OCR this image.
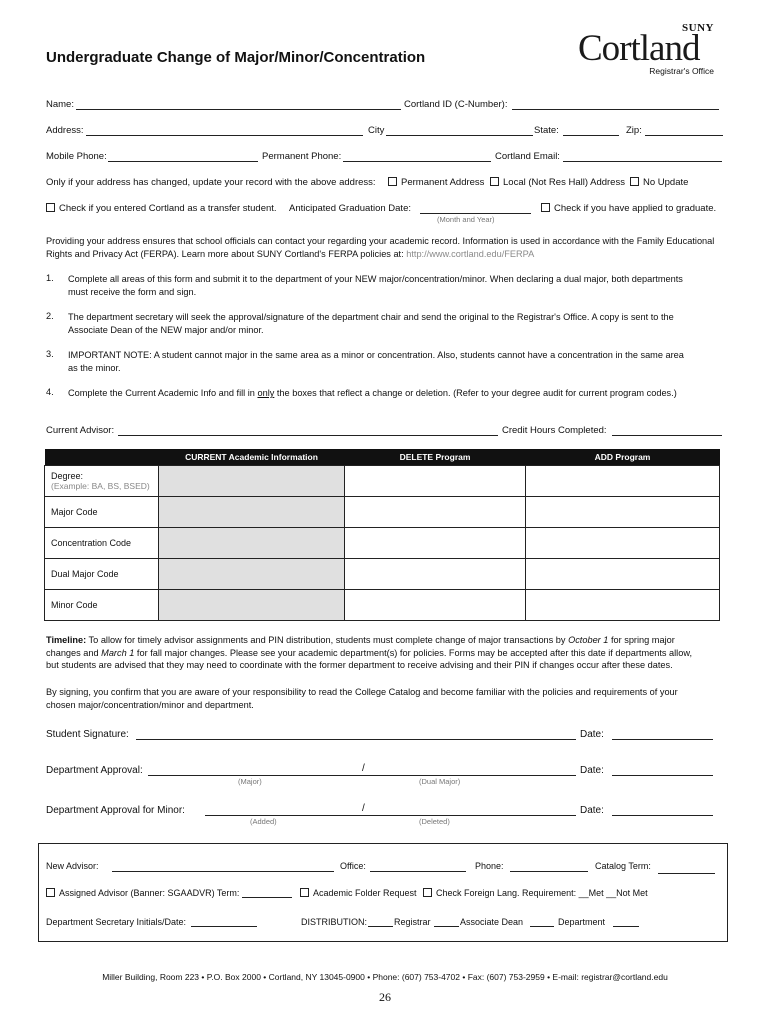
Undergraduate Change of Major/Minor/Concentration
SUNY
Cortland
Registrar's Office
Name:	Cortland ID (C-Number):
Address:	City	State:	Zip:
Mobile Phone:	Permanent Phone:	Cortland Email:
Only if your address has changed, update your record with the above address:	Permanent Address	Local (Not Res Hall) Address	No Update
Check if you entered Cortland as a transfer student. Anticipated Graduation Date:
(Month and Year)
Check if you have applied to graduate.
Providing your address ensures that school officials can contact your regarding your academic record. Information is used in accordance with the Family Educational Rights and Privacy Act (FERPA). Learn more about SUNY Cortland's FERPA policies at: http://www.cortland.edu/FERPA
1. Complete all areas of this form and submit it to the department of your NEW major/concentration/minor. When declaring a dual major, both departments
must receive the form and sign.
2. The department secretary will seek the approval/signature of the department chair and send the original to the Registrar's Office. A copy is sent to the
Associate Dean of the NEW major and/or minor.
3. IMPORTANT NOTE: A student cannot major in the same area as a minor or concentration. Also, students cannot have a concentration in the same area
as the minor.
4. Complete the Current Academic Info and fill in only the boxes that reflect a change or deletion. (Refer to your degree audit for current program codes.)
Current Advisor:	Credit Hours Completed:
	CURRENT Academic Information	DELETE Program	ADD Program
Degree:
(Example: BA, BS, BSED)			

Major Code			
Concentration Code			
Dual Major Code			
Minor Code			
Timeline: To allow for timely advisor assignments and PIN distribution, students must complete change of major transactions by October 1 for spring major
changes and March 1 for fall major changes. Please see your academic department(s) for policies. Forms may be accepted after this date if departments allow,
but students are advised that they may need to coordinate with the former department to receive advising and their PIN if changes occur after these dates.
By signing, you confirm that you are aware of your responsibility to read the College Catalog and become familiar with the policies and requirements of your
chosen major/concentration/minor and department.
Student Signature:	Date:
Department Approval:	/
(Major)	(Dual Major)
Date:
Department Approval for Minor:	/
(Added)	(Deleted)
Date:
New Advisor:	Office:	Phone:	Catalog Term:
Assigned Advisor (Banner: SGAADVR) Term:	Academic Folder Request	Check Foreign Lang. Requirement: __Met __Not Met
Department Secretary Initials/Date:	DISTRIBUTION:	Registrar	Associate Dean	Department
Miller Building, Room 223 • P.O. Box 2000 • Cortland, NY 13045-0900 • Phone: (607) 753-4702 • Fax: (607) 753-2959 • E-mail: registrar@cortland.edu
26
